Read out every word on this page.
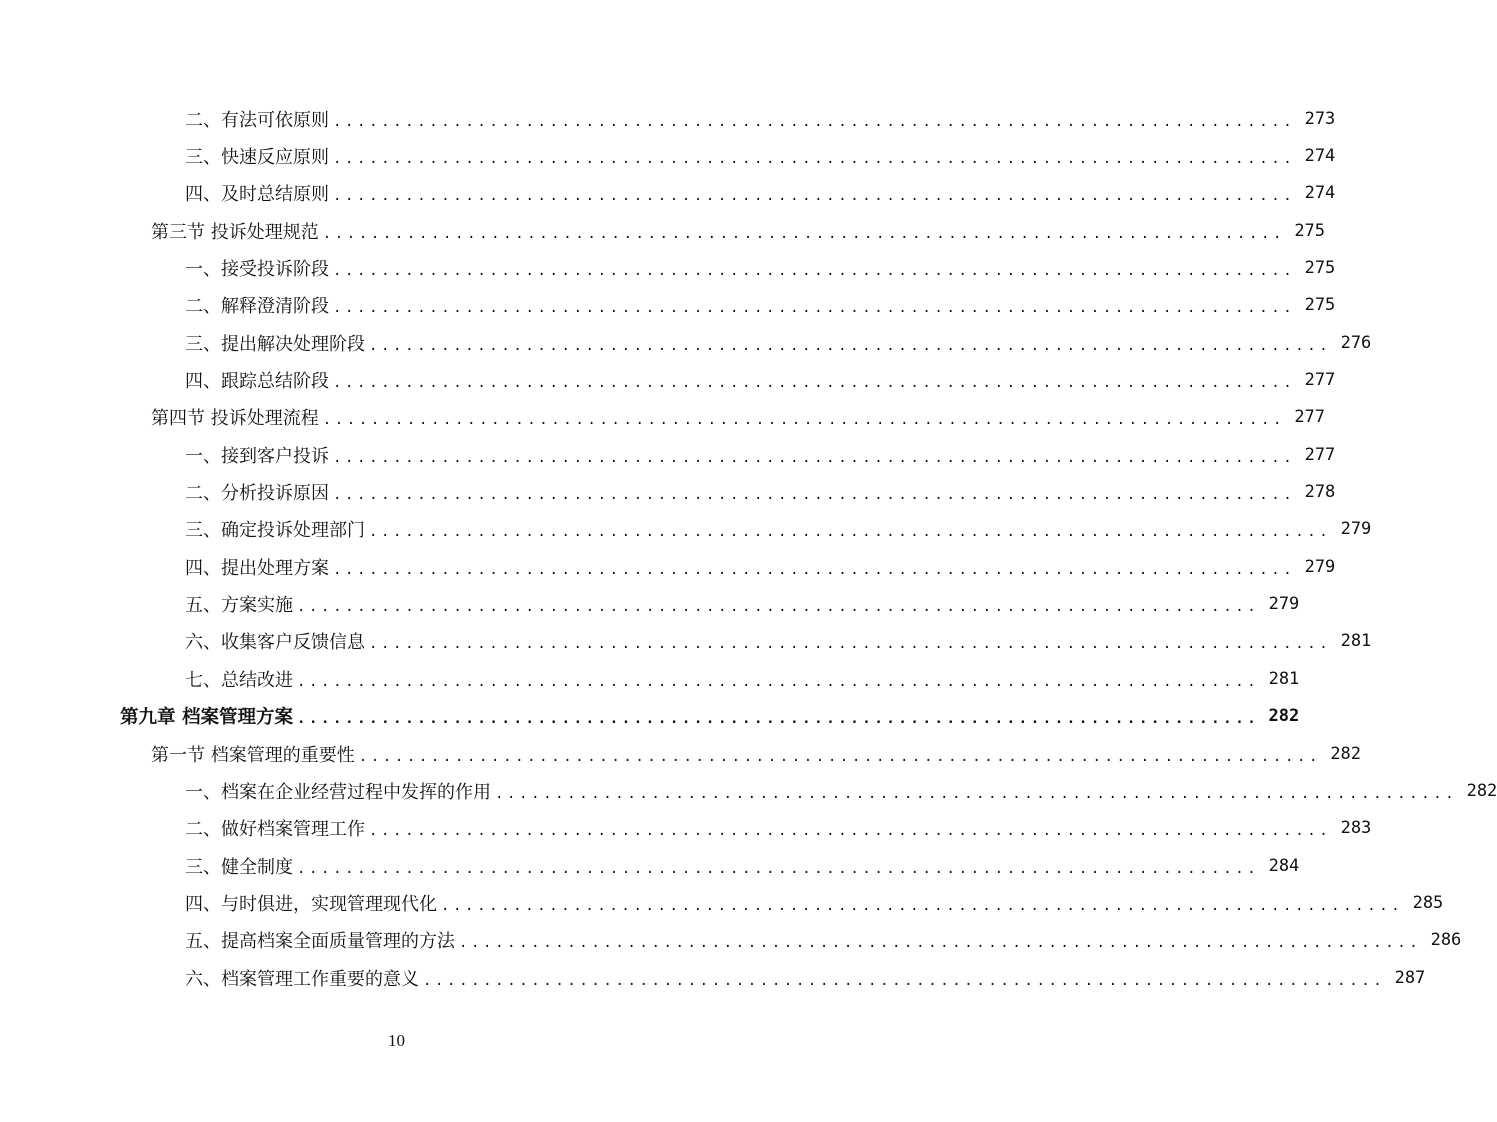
二、有法可依原则 ................................................................................ 273
三、快速反应原则 ................................................................................ 274
四、及时总结原则 ................................................................................ 274
第三节 投诉处理规范 ................................................................................ 275
一、接受投诉阶段 ................................................................................ 275
二、解释澄清阶段 ................................................................................ 275
三、提出解决处理阶段 ................................................................................ 276
四、跟踪总结阶段 ................................................................................ 277
第四节 投诉处理流程 ................................................................................ 277
一、接到客户投诉 ................................................................................ 277
二、分析投诉原因 ................................................................................ 278
三、确定投诉处理部门 ................................................................................ 279
四、提出处理方案 ................................................................................ 279
五、方案实施 ................................................................................ 279
六、收集客户反馈信息 ................................................................................ 281
七、总结改进 ................................................................................ 281
第九章 档案管理方案 ................................................................................ 282
第一节 档案管理的重要性 ................................................................................ 282
一、档案在企业经营过程中发挥的作用 ................................................................................ 282
二、做好档案管理工作 ................................................................................ 283
三、健全制度 ................................................................................ 284
四、与时俱进，实现管理现代化 ................................................................................ 285
五、提高档案全面质量管理的方法 ................................................................................ 286
六、档案管理工作重要的意义 ................................................................................ 287
10
